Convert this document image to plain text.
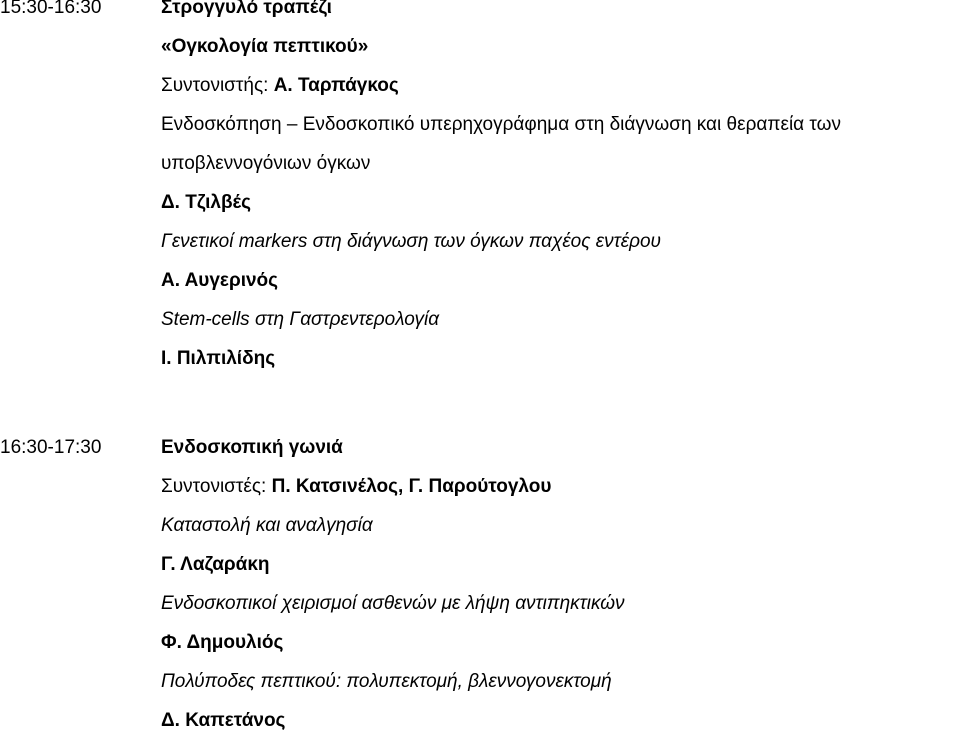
15:30-16:30	Στρογγυλό τραπέζι
«Ογκολογία πεπτικού»
Συντονιστής: Α. Ταρπάγκος
Ενδοσκόπηση – Ενδοσκοπικό υπερηχογράφημα στη διάγνωση και θεραπεία των
υποβλεννογόνιων όγκων
Δ. Τζιλβές
Γενετικοί markers στη διάγνωση των όγκων παχέος εντέρου
Α. Αυγερινός
Stem-cells στη Γαστρεντερολογία
Ι. Πιλπιλίδης
16:30-17:30	Ενδοσκοπική γωνιά
Συντονιστές: Π. Κατσινέλος, Γ. Παρούτογλου
Καταστολή και αναλγησία
Γ. Λαζαράκη
Ενδοσκοπικοί χειρισμοί ασθενών με λήψη αντιπηκτικών
Φ. Δημουλιός
Πολύποδες πεπτικού: πολυπεκτομή, βλεννογονεκτομή
Δ. Καπετάνος
